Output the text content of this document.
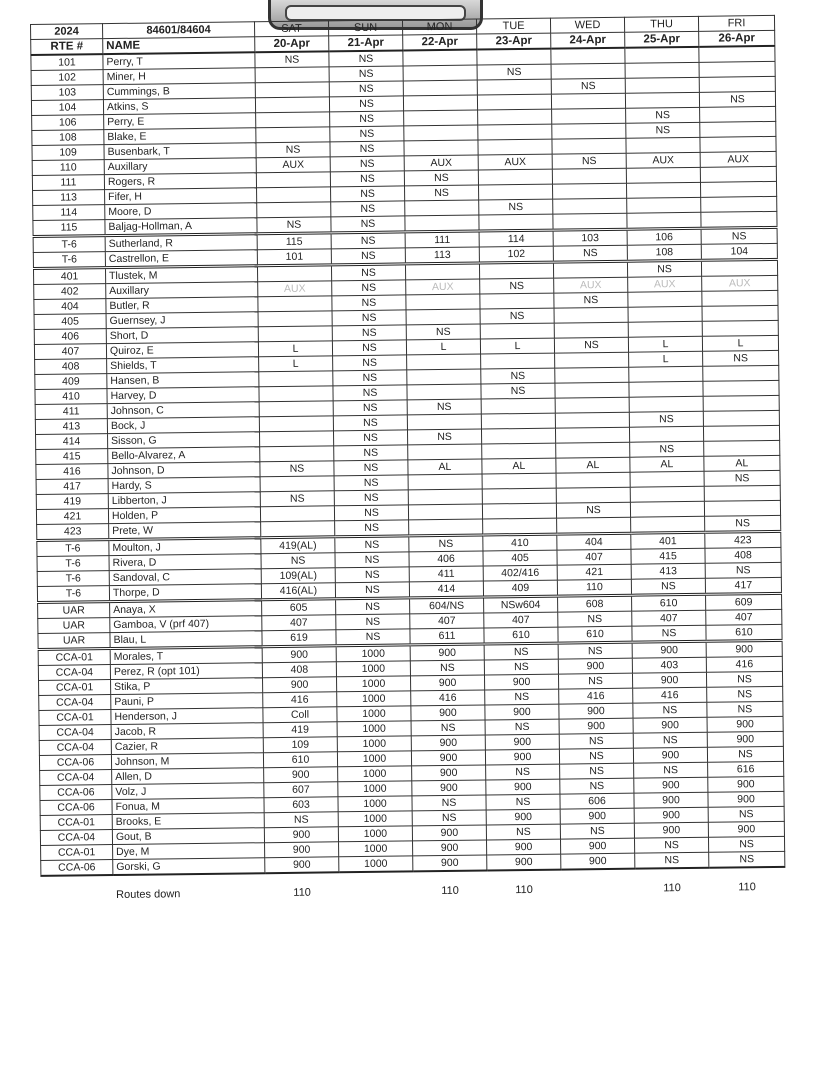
2024	84601/84604	SAT	SUN	MON	TUE	WED	THU	FRI
RTE #	NAME	20-Apr	21-Apr	22-Apr	23-Apr	24-Apr	25-Apr	26-Apr
101	Perry, T	NS	NS					
102	Miner, H		NS		NS			
103	Cummings, B		NS			NS		
104	Atkins, S		NS					NS
106	Perry, E		NS				NS	
108	Blake, E		NS				NS	
109	Busenbark, T	NS	NS					
110	Auxillary	AUX	NS	AUX	AUX	NS	AUX	AUX
111	Rogers, R		NS	NS				
113	Fifer, H		NS	NS				
114	Moore, D		NS		NS			
115	Baljag-Hollman, A	NS	NS					
T-6	Sutherland, R	115	NS	111	114	103	106	NS
T-6	Castrellon, E	101	NS	113	102	NS	108	104
401	Tlustek, M		NS				NS	
402	Auxillary	AUX	NS	AUX	NS	AUX	AUX	AUX
404	Butler, R		NS			NS		
405	Guernsey, J		NS		NS			
406	Short, D		NS	NS				
407	Quiroz, E	L	NS	L	L	NS	L	L
408	Shields, T	L	NS				L	NS
409	Hansen, B		NS		NS			
410	Harvey, D		NS		NS			
411	Johnson, C		NS	NS				
413	Bock, J		NS				NS	
414	Sisson, G		NS	NS				
415	Bello-Alvarez, A		NS				NS	
416	Johnson, D	NS	NS	AL	AL	AL	AL	AL
417	Hardy, S		NS					NS
419	Libberton, J	NS	NS					
421	Holden, P		NS			NS		
423	Prete, W		NS					NS
T-6	Moulton, J	419(AL)	NS	NS	410	404	401	423
T-6	Rivera, D	NS	NS	406	405	407	415	408
T-6	Sandoval, C	109(AL)	NS	411	402/416	421	413	NS
T-6	Thorpe, D	416(AL)	NS	414	409	110	NS	417
UAR	Anaya, X	605	NS	604/NS	NSw604	608	610	609
UAR	Gamboa, V (prf 407)	407	NS	407	407	NS	407	407
UAR	Blau, L	619	NS	611	610	610	NS	610
CCA-01	Morales, T	900	1000	900	NS	NS	900	900
CCA-04	Perez, R (opt 101)	408	1000	NS	NS	900	403	416
CCA-01	Stika, P	900	1000	900	900	NS	900	NS
CCA-04	Pauni, P	416	1000	416	NS	416	416	NS
CCA-01	Henderson, J	Coll	1000	900	900	900	NS	NS
CCA-04	Jacob, R	419	1000	NS	NS	900	900	900
CCA-04	Cazier, R	109	1000	900	900	NS	NS	900
CCA-06	Johnson, M	610	1000	900	900	NS	900	NS
CCA-04	Allen, D	900	1000	900	NS	NS	NS	616
CCA-06	Volz, J	607	1000	900	900	NS	900	900
CCA-06	Fonua, M	603	1000	NS	NS	606	900	900
CCA-01	Brooks, E	NS	1000	NS	900	900	900	NS
CCA-04	Gout, B	900	1000	900	NS	NS	900	900
CCA-01	Dye, M	900	1000	900	900	900	NS	NS
CCA-06	Gorski, G	900	1000	900	900	900	NS	NS

	Routes down	110		110	110		110	110
